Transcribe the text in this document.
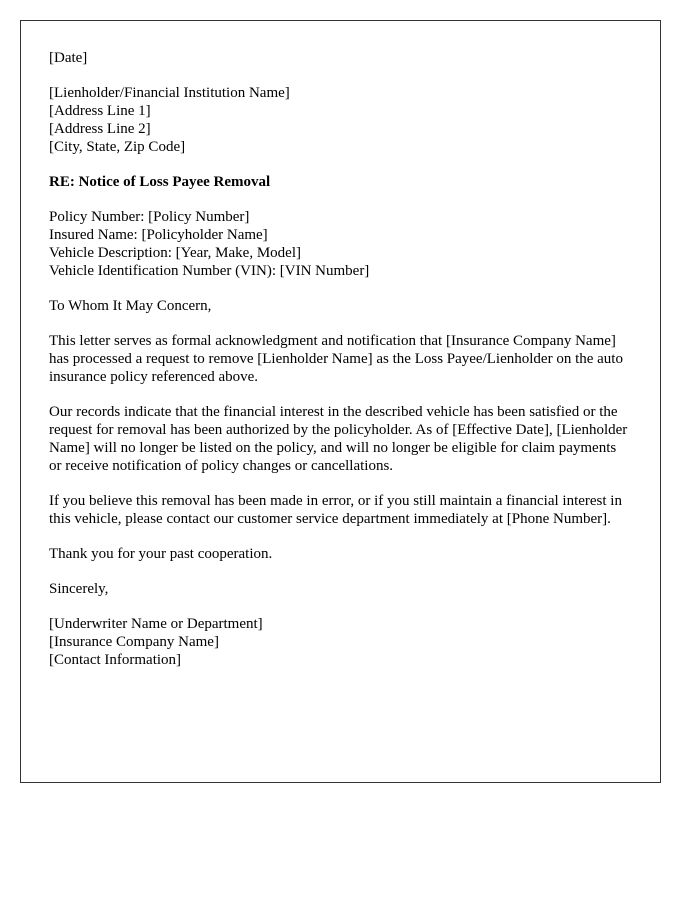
[Date]

[Lienholder/Financial Institution Name]
[Address Line 1]
[Address Line 2]
[City, State, Zip Code]

RE: Notice of Loss Payee Removal

Policy Number: [Policy Number]
Insured Name: [Policyholder Name]
Vehicle Description: [Year, Make, Model]
Vehicle Identification Number (VIN): [VIN Number]

To Whom It May Concern,

This letter serves as formal acknowledgment and notification that [Insurance Company Name] has processed a request to remove [Lienholder Name] as the Loss Payee/Lienholder on the auto insurance policy referenced above.

Our records indicate that the financial interest in the described vehicle has been satisfied or the request for removal has been authorized by the policyholder. As of [Effective Date], [Lienholder Name] will no longer be listed on the policy, and will no longer be eligible for claim payments or receive notification of policy changes or cancellations.

If you believe this removal has been made in error, or if you still maintain a financial interest in this vehicle, please contact our customer service department immediately at [Phone Number].

Thank you for your past cooperation.

Sincerely,

[Underwriter Name or Department]
[Insurance Company Name]
[Contact Information]
